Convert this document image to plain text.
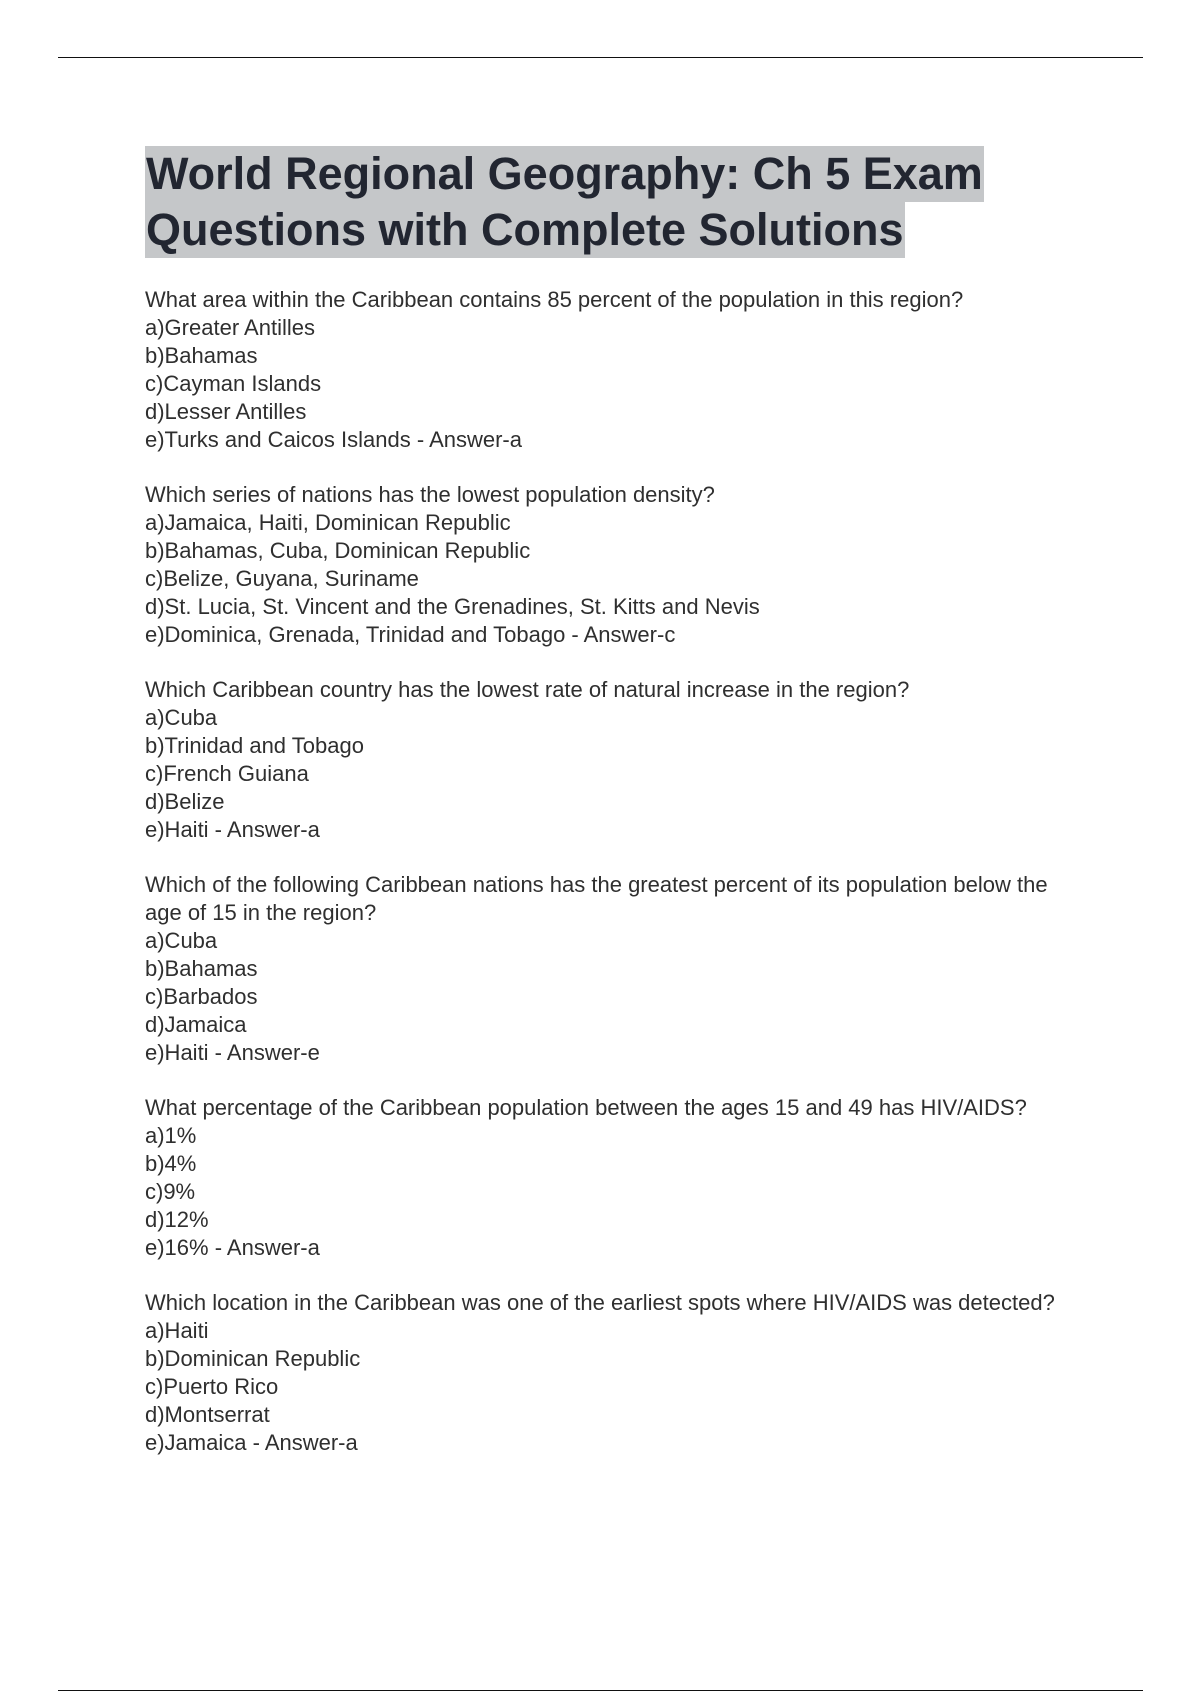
World Regional Geography: Ch 5 Exam
Questions with Complete Solutions
What area within the Caribbean contains 85 percent of the population in this region?
a)Greater Antilles
b)Bahamas
c)Cayman Islands
d)Lesser Antilles
e)Turks and Caicos Islands - Answer-a
Which series of nations has the lowest population density?
a)Jamaica, Haiti, Dominican Republic
b)Bahamas, Cuba, Dominican Republic
c)Belize, Guyana, Suriname
d)St. Lucia, St. Vincent and the Grenadines, St. Kitts and Nevis
e)Dominica, Grenada, Trinidad and Tobago - Answer-c
Which Caribbean country has the lowest rate of natural increase in the region?
a)Cuba
b)Trinidad and Tobago
c)French Guiana
d)Belize
e)Haiti - Answer-a
Which of the following Caribbean nations has the greatest percent of its population below the age of 15 in the region?
a)Cuba
b)Bahamas
c)Barbados
d)Jamaica
e)Haiti - Answer-e
What percentage of the Caribbean population between the ages 15 and 49 has HIV/AIDS?
a)1%
b)4%
c)9%
d)12%
e)16% - Answer-a
Which location in the Caribbean was one of the earliest spots where HIV/AIDS was detected?
a)Haiti
b)Dominican Republic
c)Puerto Rico
d)Montserrat
e)Jamaica - Answer-a
